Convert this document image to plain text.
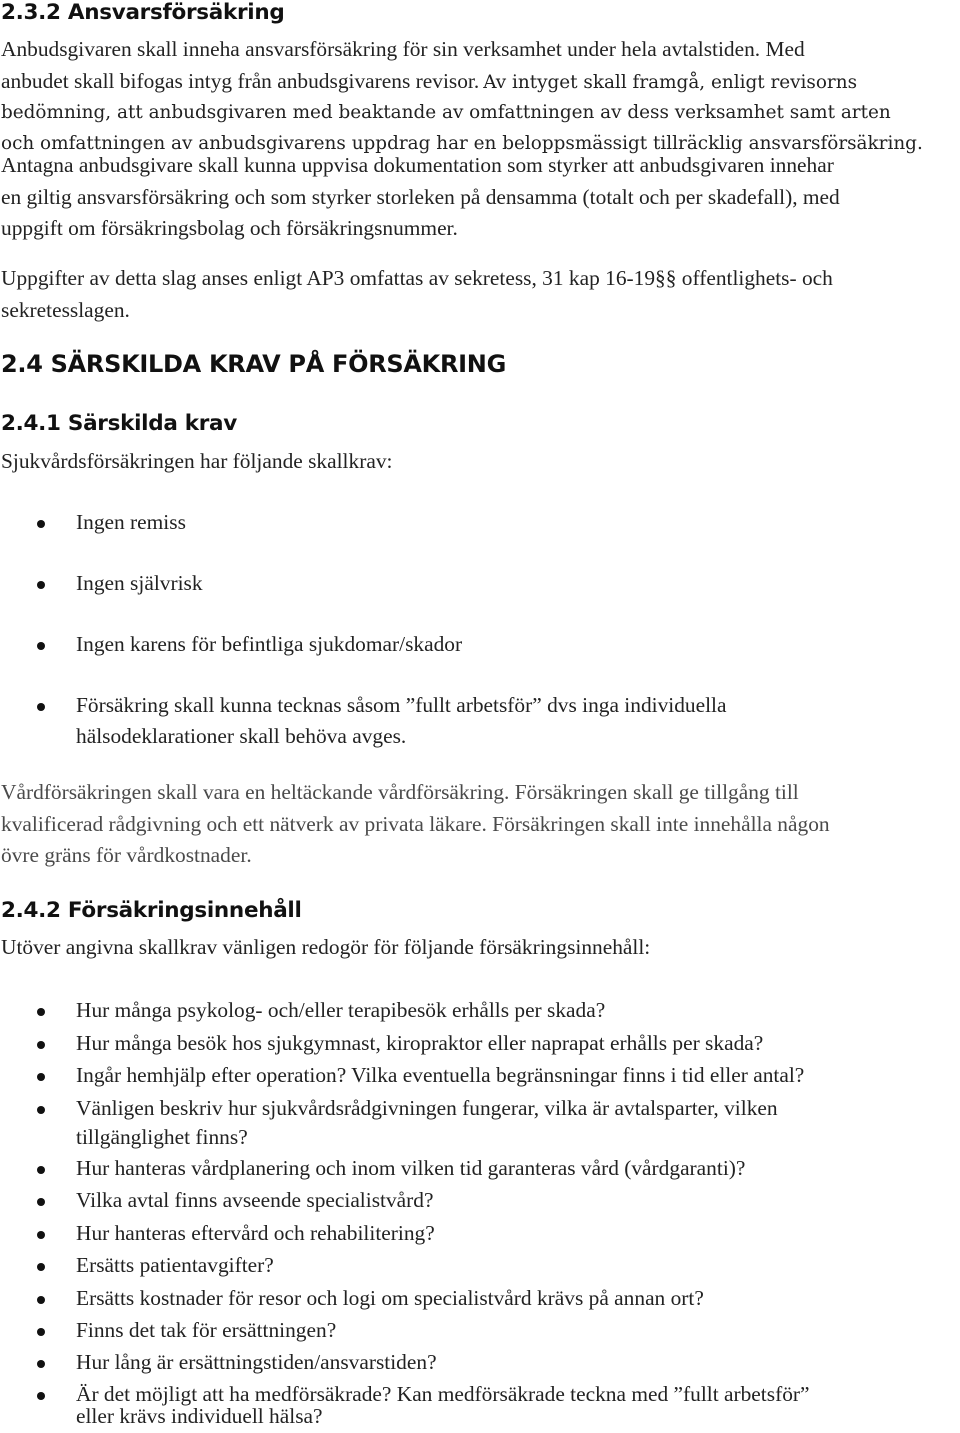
2.3.2 Ansvarsförsäkring
Anbudsgivaren skall inneha ansvarsförsäkring för sin verksamhet under hela avtalstiden. Med
anbudet skall bifogas intyg från anbudsgivarens revisor. Av intyget skall framgå, enligt revisorns
bedömning, att anbudsgivaren med beaktande av omfattningen av dess verksamhet samt arten
och omfattningen av anbudsgivarens uppdrag har en beloppsmässigt tillräcklig ansvarsförsäkring.
Antagna anbudsgivare skall kunna uppvisa dokumentation som styrker att anbudsgivaren innehar
en giltig ansvarsförsäkring och som styrker storleken på densamma (totalt och per skadefall), med
uppgift om försäkringsbolag och försäkringsnummer.
Uppgifter av detta slag anses enligt AP3 omfattas av sekretess, 31 kap 16-19§§ offentlighets- och
sekretesslagen.
2.4 SÄRSKILDA KRAV PÅ FÖRSÄKRING
2.4.1 Särskilda krav
Sjukvårdsförsäkringen har följande skallkrav:
Ingen remiss
Ingen självrisk
Ingen karens för befintliga sjukdomar/skador
Försäkring skall kunna tecknas såsom ”fullt arbetsför” dvs inga individuella
hälsodeklarationer skall behöva avges.
Vårdförsäkringen skall vara en heltäckande vårdförsäkring. Försäkringen skall ge tillgång till
kvalificerad rådgivning och ett nätverk av privata läkare. Försäkringen skall inte innehålla någon
övre gräns för vårdkostnader.
2.4.2 Försäkringsinnehåll
Utöver angivna skallkrav vänligen redogör för följande försäkringsinnehåll:
Hur många psykolog- och/eller terapibesök erhålls per skada?
Hur många besök hos sjukgymnast, kiropraktor eller naprapat erhålls per skada?
Ingår hemhjälp efter operation? Vilka eventuella begränsningar finns i tid eller antal?
Vänligen beskriv hur sjukvårdsrådgivningen fungerar, vilka är avtalsparter, vilken
tillgänglighet finns?
Hur hanteras vårdplanering och inom vilken tid garanteras vård (vårdgaranti)?
Vilka avtal finns avseende specialistvård?
Hur hanteras eftervård och rehabilitering?
Ersätts patientavgifter?
Ersätts kostnader för resor och logi om specialistvård krävs på annan ort?
Finns det tak för ersättningen?
Hur lång är ersättningstiden/ansvarstiden?
Är det möjligt att ha medförsäkrade? Kan medförsäkrade teckna med ”fullt arbetsför”
eller krävs individuell hälsa?
